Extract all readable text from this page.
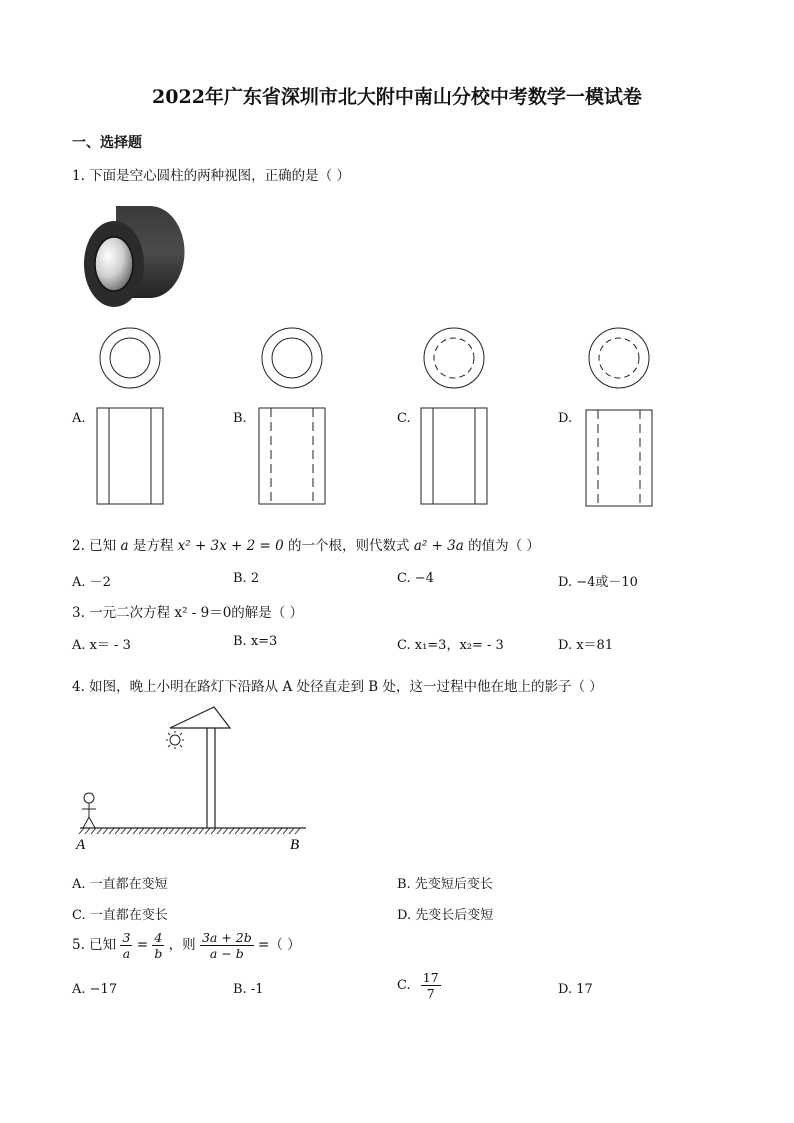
2022年广东省深圳市北大附中南山分校中考数学一模试卷
一、选择题
1. 下面是空心圆柱的两种视图，正确的是（ ）
A.	B.	C.	D.
2. 已知 a 是方程 x² + 3x + 2 = 0 的一个根，则代数式 a² + 3a 的值为（ ）
A. －2	B. 2	C. −4	D. −4或－10
3. 一元二次方程 x² - 9＝0的解是（ ）
A. x＝ - 3	B. x=3	C. x₁=3，x₂= - 3	D. x＝81
4. 如图，晚上小明在路灯下沿路从 A 处径直走到 B 处，这一过程中他在地上的影子（ ）
A	B
A. 一直都在变短	B. 先变短后变长
C. 一直都在变长	D. 先变长后变短
5. 已知 $\frac{3}{a} = \frac{4}{b}$ ，则 $\frac{3a + 2b}{a - b}$ =（ ）
A. −17	B. -1	C. $\frac{17}{7}$	D. 17
